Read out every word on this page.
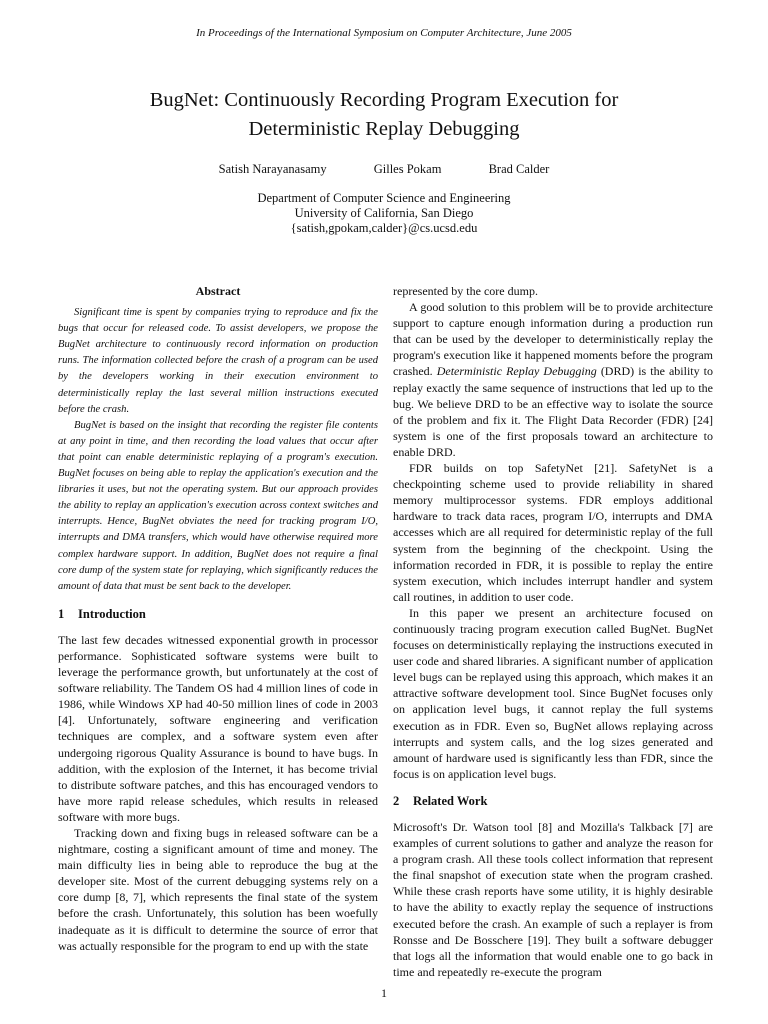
In Proceedings of the International Symposium on Computer Architecture, June 2005
BugNet: Continuously Recording Program Execution for
Deterministic Replay Debugging
Satish Narayanasamy	Gilles Pokam	Brad Calder
Department of Computer Science and Engineering
University of California, San Diego
{satish,gpokam,calder}@cs.ucsd.edu
Abstract

Significant time is spent by companies trying to reproduce and fix the bugs that occur for released code. To assist developers, we propose the BugNet architecture to continuously record information on production runs. The information collected before the crash of a program can be used by the developers working in their execution environment to deterministically replay the last several million instructions executed before the crash.

BugNet is based on the insight that recording the register file contents at any point in time, and then recording the load values that occur after that point can enable deterministic replaying of a program's execution. BugNet focuses on being able to replay the application's execution and the libraries it uses, but not the operating system. But our approach provides the ability to replay an application's execution across context switches and interrupts. Hence, BugNet obviates the need for tracking program I/O, interrupts and DMA transfers, which would have otherwise required more complex hardware support. In addition, BugNet does not require a final core dump of the system state for replaying, which significantly reduces the amount of data that must be sent back to the developer.

1 Introduction

The last few decades witnessed exponential growth in processor performance. Sophisticated software systems were built to leverage the performance growth, but unfortunately at the cost of software reliability. The Tandem OS had 4 million lines of code in 1986, while Windows XP had 40-50 million lines of code in 2003 [4]. Unfortunately, software engineering and verification techniques are complex, and a software system even after undergoing rigorous Quality Assurance is bound to have bugs. In addition, with the explosion of the Internet, it has become trivial to distribute software patches, and this has encouraged vendors to have more rapid release schedules, which results in released software with more bugs.

Tracking down and fixing bugs in released software can be a nightmare, costing a significant amount of time and money. The main difficulty lies in being able to reproduce the bug at the developer site. Most of the current debugging systems rely on a core dump [8, 7], which represents the final state of the system before the crash. Unfortunately, this solution has been woefully inadequate as it is difficult to determine the source of error that was actually responsible for the program to end up with the state

represented by the core dump.

A good solution to this problem will be to provide architecture support to capture enough information during a production run that can be used by the developer to deterministically replay the program's execution like it happened moments before the program crashed. Deterministic Replay Debugging (DRD) is the ability to replay exactly the same sequence of instructions that led up to the bug. We believe DRD to be an effective way to isolate the source of the problem and fix it. The Flight Data Recorder (FDR) [24] system is one of the first proposals toward an architecture to enable DRD.

FDR builds on top SafetyNet [21]. SafetyNet is a checkpointing scheme used to provide reliability in shared memory multiprocessor systems. FDR employs additional hardware to track data races, program I/O, interrupts and DMA accesses which are all required for deterministic replay of the full system from the beginning of the checkpoint. Using the information recorded in FDR, it is possible to replay the entire system execution, which includes interrupt handler and system call routines, in addition to user code.

In this paper we present an architecture focused on continuously tracing program execution called BugNet. BugNet focuses on deterministically replaying the instructions executed in user code and shared libraries. A significant number of application level bugs can be replayed using this approach, which makes it an attractive software development tool. Since BugNet focuses only on application level bugs, it cannot replay the full systems execution as in FDR. Even so, BugNet allows replaying across interrupts and system calls, and the log sizes generated and amount of hardware used is significantly less than FDR, since the focus is on application level bugs.

2 Related Work

Microsoft's Dr. Watson tool [8] and Mozilla's Talkback [7] are examples of current solutions to gather and analyze the reason for a program crash. All these tools collect information that represent the final snapshot of execution state when the program crashed. While these crash reports have some utility, it is highly desirable to have the ability to exactly replay the sequence of instructions executed before the crash. An example of such a replayer is from Ronsse and De Bosschere [19]. They built a software debugger that logs all the information that would enable one to go back in time and repeatedly re-execute the program

1
